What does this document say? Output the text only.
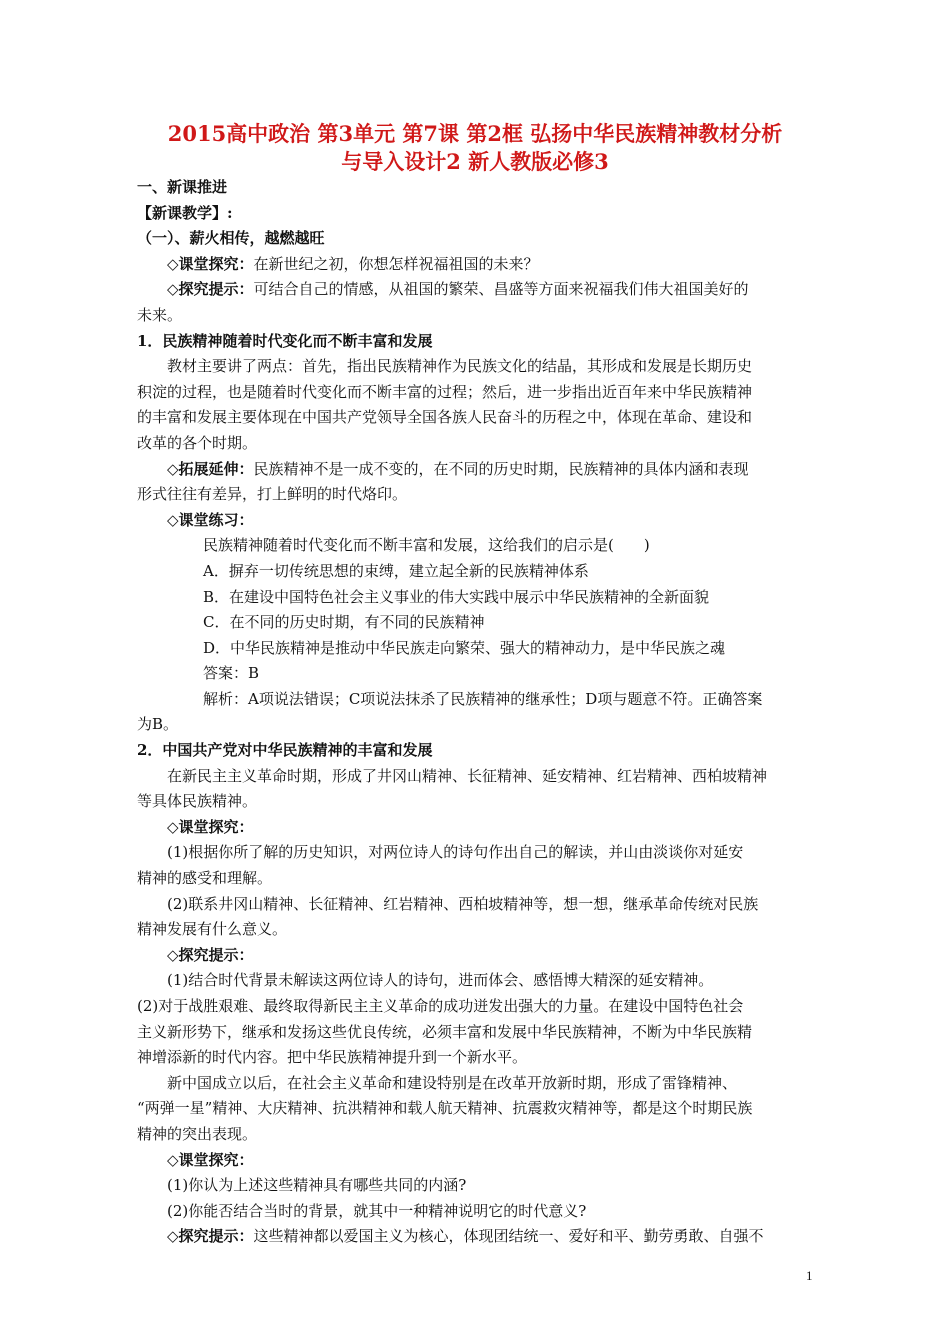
2015高中政治 第3单元 第7课 第2框 弘扬中华民族精神教材分析
与导入设计2 新人教版必修3

一、新课推进

【新课教学】:

（一）、薪火相传，越燃越旺

◇课堂探究：在新世纪之初，你想怎样祝福祖国的未来？

◇探究提示：可结合自己的情感，从祖国的繁荣、昌盛等方面来祝福我们伟大祖国美好的

未来。

1．民族精神随着时代变化而不断丰富和发展

教材主要讲了两点：首先，指出民族精神作为民族文化的结晶，其形成和发展是长期历史

积淀的过程，也是随着时代变化而不断丰富的过程；然后，进一步指出近百年来中华民族精神

的丰富和发展主要体现在中国共产党领导全国各族人民奋斗的历程之中，体现在革命、建设和

改革的各个时期。

◇拓展延伸：民族精神不是一成不变的，在不同的历史时期，民族精神的具体内涵和表现

形式往往有差异，打上鲜明的时代烙印。

◇课堂练习：

民族精神随着时代变化而不断丰富和发展，这给我们的启示是(　　)

A．摒弃一切传统思想的束缚，建立起全新的民族精神体系

B．在建设中国特色社会主义事业的伟大实践中展示中华民族精神的全新面貌

C．在不同的历史时期，有不同的民族精神

D．中华民族精神是推动中华民族走向繁荣、强大的精神动力，是中华民族之魂

答案：B

解析：A项说法错误；C项说法抹杀了民族精神的继承性；D项与题意不符。正确答案

为B。

2．中国共产党对中华民族精神的丰富和发展

在新民主主义革命时期，形成了井冈山精神、长征精神、延安精神、红岩精神、西柏坡精神

等具体民族精神。

◇课堂探究：

(1)根据你所了解的历史知识，对两位诗人的诗句作出自己的解读，并山由淡谈你对延安

精神的感受和理解。

(2)联系井冈山精神、长征精神、红岩精神、西柏坡精神等，想一想，继承革命传统对民族

精神发展有什么意义。

◇探究提示：

(1)结合时代背景未解读这两位诗人的诗句，进而体会、感悟博大精深的延安精神。

(2)对于战胜艰难、最终取得新民主主义革命的成功迸发出强大的力量。在建设中国特色社会

主义新形势下，继承和发扬这些优良传统，必须丰富和发展中华民族精神，不断为中华民族精

神增添新的时代内容。把中华民族精神提升到一个新水平。

新中国成立以后，在社会主义革命和建设特别是在改革开放新时期，形成了雷锋精神、

“两弹一星”精神、大庆精神、抗洪精神和载人航天精神、抗震救灾精神等，都是这个时期民族

精神的突出表现。

◇课堂探究：

(1)你认为上述这些精神具有哪些共同的内涵?

(2)你能否结合当时的背景，就其中一种精神说明它的时代意义?

◇探究提示：这些精神都以爱国主义为核心，体现团结统一、爱好和平、勤劳勇敢、自强不

1
